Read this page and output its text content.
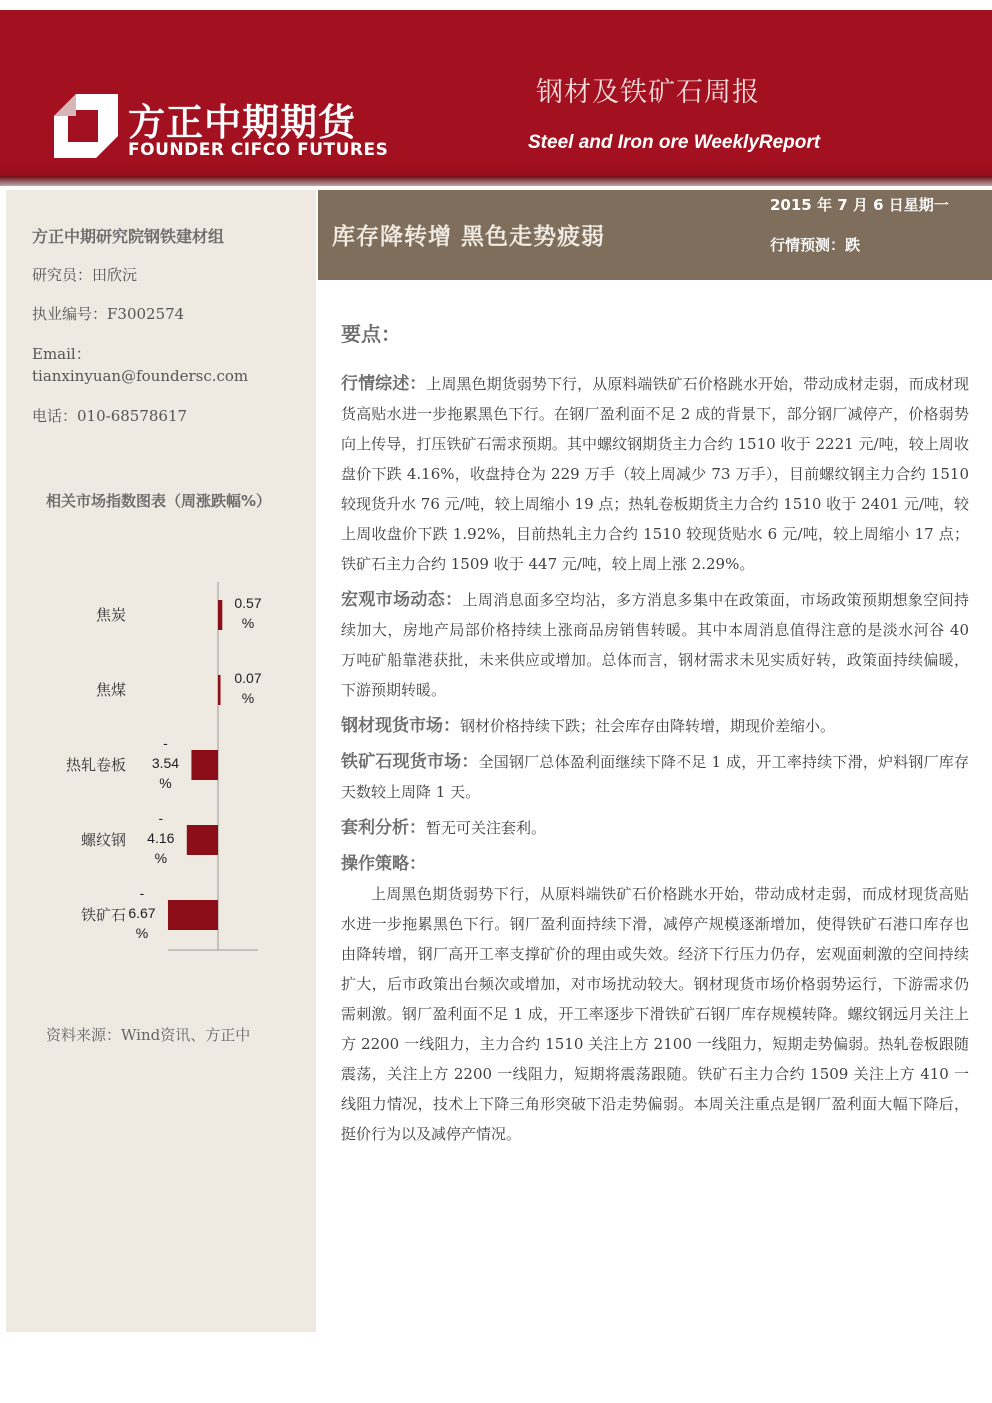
方正中期期货
FOUNDER CIFCO FUTURES
钢材及铁矿石周报
Steel and Iron ore WeeklyReport
方正中期研究院钢铁建材组
研究员：田欣沅
执业编号：F3002574
Email：
tianxinyuan@foundersc.com
电话：010-68578617
相关市场指数图表（周涨跌幅%）
焦炭
0.57 %
焦煤
0.07 %
热轧卷板
-3.54 %
螺纹钢
-4.16 %
铁矿石
-6.67 %
资料来源：Wind资讯、方正中
库存降转增 黑色走势疲弱
2015 年 7 月 6 日星期一
行情预测：跌
要点：

行情综述：上周黑色期货弱势下行，从原料端铁矿石价格跳水开始，带动成材走弱，而成材现货高贴水进一步拖累黑色下行。在钢厂盈利面不足 2 成的背景下，部分钢厂减停产，价格弱势向上传导，打压铁矿石需求预期。其中螺纹钢期货主力合约 1510 收于 2221 元/吨，较上周收盘价下跌 4.16%，收盘持仓为 229 万手（较上周减少 73 万手），目前螺纹钢主力合约 1510 较现货升水 76 元/吨，较上周缩小 19 点；热轧卷板期货主力合约 1510 收于 2401 元/吨，较上周收盘价下跌 1.92%，目前热轧主力合约 1510 较现货贴水 6 元/吨，较上周缩小 17 点；铁矿石主力合约 1509 收于 447 元/吨，较上周上涨 2.29%。

宏观市场动态：上周消息面多空均沾，多方消息多集中在政策面，市场政策预期想象空间持续加大，房地产局部价格持续上涨商品房销售转暖。其中本周消息值得注意的是淡水河谷 40 万吨矿船靠港获批，未来供应或增加。总体而言，钢材需求未见实质好转，政策面持续偏暖，下游预期转暖。

钢材现货市场：钢材价格持续下跌；社会库存由降转增，期现价差缩小。

铁矿石现货市场：全国钢厂总体盈利面继续下降不足 1 成，开工率持续下滑，炉料钢厂库存天数较上周降 1 天。

套利分析：暂无可关注套利。

操作策略：

上周黑色期货弱势下行，从原料端铁矿石价格跳水开始，带动成材走弱，而成材现货高贴水进一步拖累黑色下行。钢厂盈利面持续下滑，减停产规模逐渐增加，使得铁矿石港口库存也由降转增，钢厂高开工率支撑矿价的理由或失效。经济下行压力仍存，宏观面刺激的空间持续扩大，后市政策出台频次或增加，对市场扰动较大。钢材现货市场价格弱势运行，下游需求仍需刺激。钢厂盈利面不足 1 成，开工率逐步下滑铁矿石钢厂库存规模转降。螺纹钢远月关注上方 2200 一线阻力，主力合约 1510 关注上方 2100 一线阻力，短期走势偏弱。热轧卷板跟随震荡，关注上方 2200 一线阻力，短期将震荡跟随。铁矿石主力合约 1509 关注上方 410 一线阻力情况，技术上下降三角形突破下沿走势偏弱。本周关注重点是钢厂盈利面大幅下降后，挺价行为以及减停产情况。
